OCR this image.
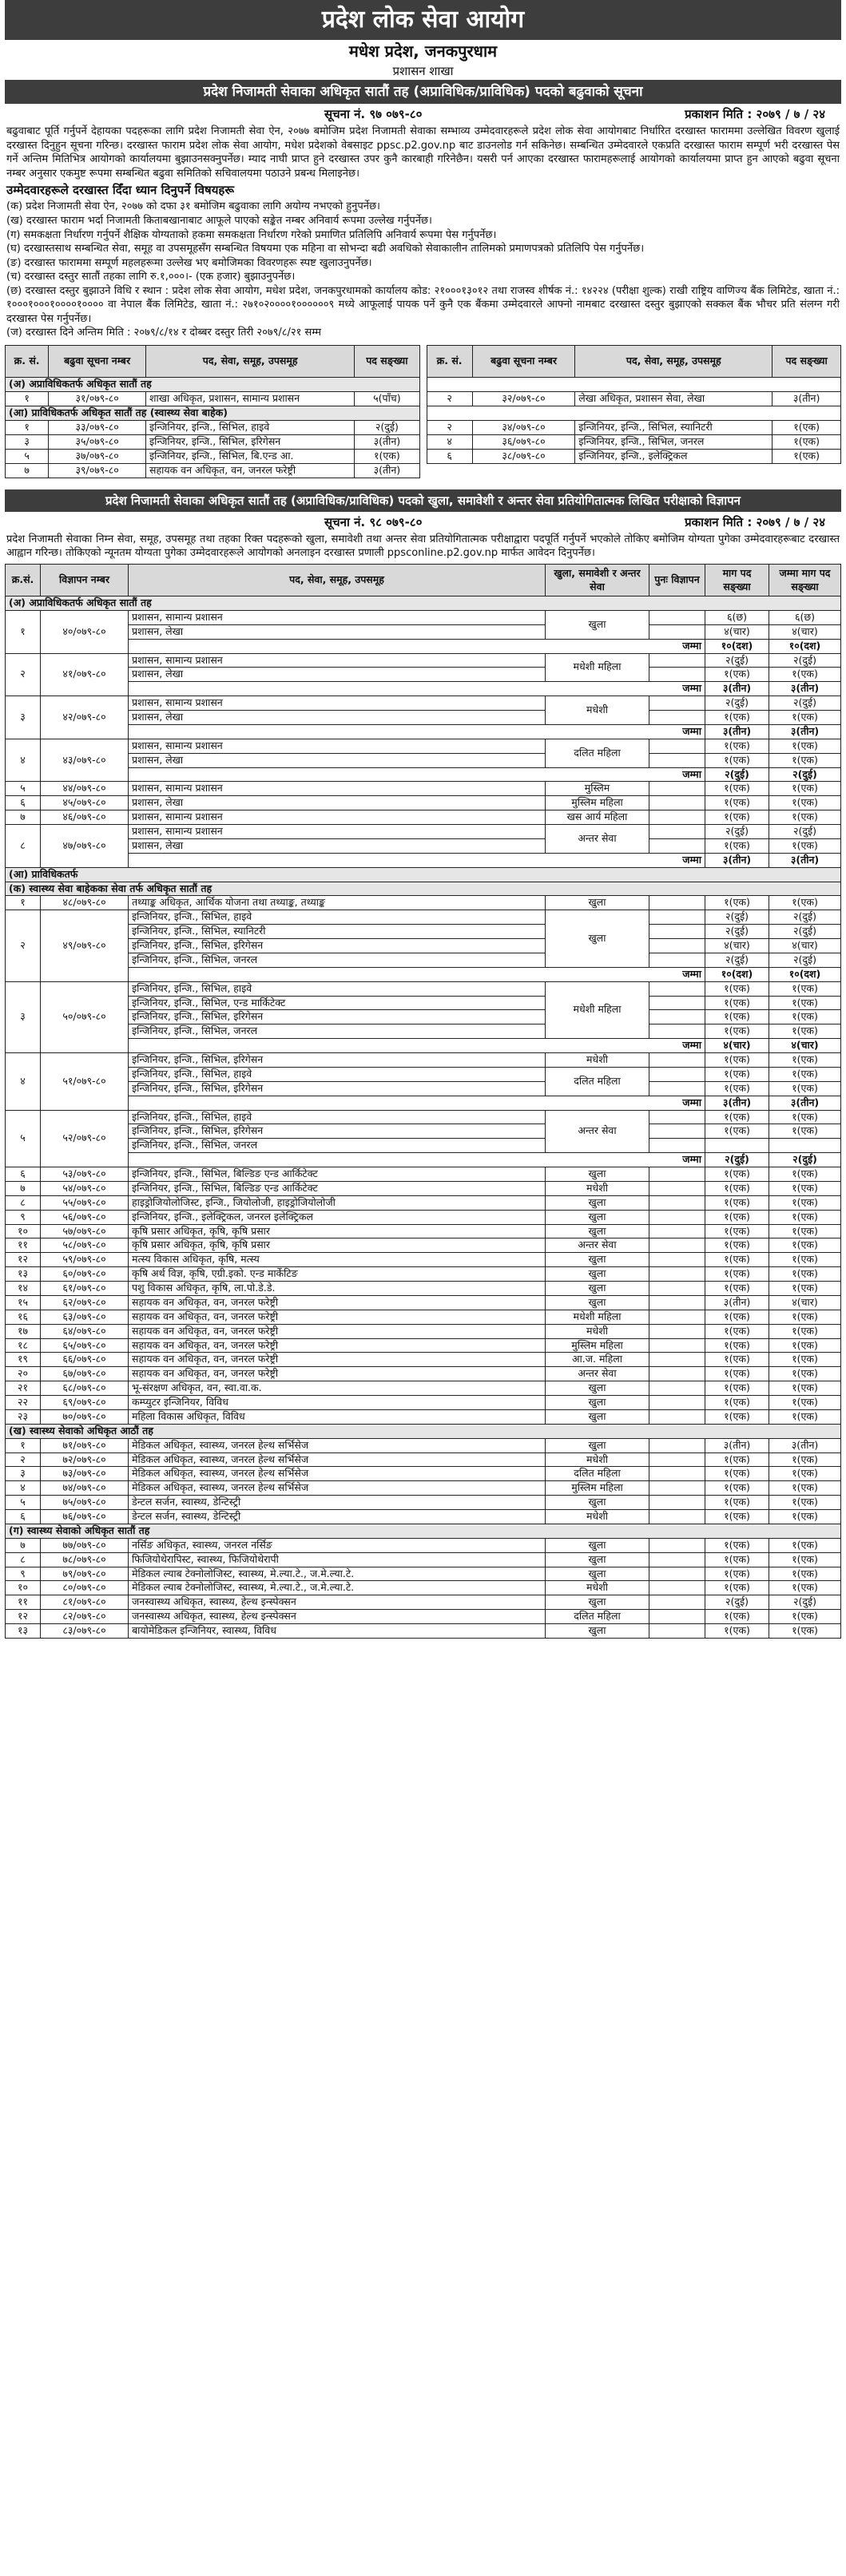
प्रदेश लोक सेवा आयोग
मधेश प्रदेश, जनकपुरधाम
प्रशासन शाखा
प्रदेश निजामती सेवाका अधिकृत सातौं तह (अप्राविधिक/प्राविधिक) पदको बढुवाको सूचना
सूचना नं. ९७ ०७९-८०	प्रकाशन मिति : २०७९ / ७ / २४

बढुवाबाट पूर्ति गर्नुपर्ने देहायका पदहरूका लागि प्रदेश निजामती सेवा ऐन, २०७७ बमोजिम प्रदेश निजामती सेवाका सम्भाव्य उम्मेदवारहरूले प्रदेश लोक सेवा आयोगबाट निर्धारित दरखास्त फाराममा उल्लेखित विवरण खुलाई दरखास्त दिनुहुन सूचना गरिन्छ। दरखास्त फाराम प्रदेश लोक सेवा आयोग, मधेश प्रदेशको वेबसाइट ppsc.p2.gov.np बाट डाउनलोड गर्न सकिनेछ। सम्बन्धित उम्मेदवारले एकप्रति दरखास्त फाराम सम्पूर्ण भरी दरखास्त पेस गर्ने अन्तिम मितिभित्र आयोगको कार्यालयमा बुझाउनसक्नुपर्नेछ। म्याद नाघी प्राप्त हुने दरखास्त उपर कुनै कारबाही गरिनेछैन। यसरी पर्न आएका दरखास्त फारामहरूलाई आयोगको कार्यालयमा प्राप्त हुन आएको बढुवा सूचना नम्बर अनुसार एकमुष्ट रूपमा सम्बन्धित बढुवा समितिको सचिवालयमा पठाउने प्रबन्ध मिलाइनेछ।

उम्मेदवारहरूले दरखास्त दिँदा ध्यान दिनुपर्ने विषयहरू
(क) प्रदेश निजामती सेवा ऐन, २०७७ को दफा ३१ बमोजिम बढुवाका लागि अयोग्य नभएको हुनुपर्नेछ।
(ख) दरखास्त फाराम भर्दा निजामती किताबखानाबाट आफूले पाएको सङ्केत नम्बर अनिवार्य रूपमा उल्लेख गर्नुपर्नेछ।
(ग) समकक्षता निर्धारण गर्नुपर्ने शैक्षिक योग्यताको हकमा समकक्षता निर्धारण गरेको प्रमाणित प्रतिलिपि अनिवार्य रूपमा पेस गर्नुपर्नेछ।
(घ) दरखास्तसाथ सम्बन्धित सेवा, समूह वा उपसमूहसँग सम्बन्धित विषयमा एक महिना वा सोभन्दा बढी अवधिको सेवाकालीन तालिमको प्रमाणपत्रको प्रतिलिपि पेस गर्नुपर्नेछ।
(ङ) दरखास्त फाराममा सम्पूर्ण महलहरूमा उल्लेख भए बमोजिमका विवरणहरू स्पष्ट खुलाउनुपर्नेछ।
(च) दरखास्त दस्तुर सातौं तहका लागि रु.१,०००।- (एक हजार) बुझाउनुपर्नेछ।
(छ) दरखास्त दस्तुर बुझाउने विधि र स्थान : प्रदेश लोक सेवा आयोग, मधेश प्रदेश, जनकपुरधामको कार्यालय कोड: २१०००१३०१२ तथा राजस्व शीर्षक नं.: १४२२४ (परीक्षा शुल्क) राखी राष्ट्रिय वाणिज्य बैंक लिमिटेड, खाता नं.: १०००१०००१००००१०००० वा नेपाल बैंक लिमिटेड, खाता नं.: २७१०२००००१००००००९ मध्ये आफूलाई पायक पर्ने कुनै एक बैंकमा उम्मेदवारले आफ्नो नामबाट दरखास्त दस्तुर बुझाएको सक्कल बैंक भौचर प्रति संलग्न गरी दरखास्त पेस गर्नुपर्नेछ।
(ज) दरखास्त दिने अन्तिम मिति : २०७९/८/१४ र दोब्बर दस्तुर तिरी २०७९/८/२१ सम्म
क्र. सं.	बढुवा सूचना नम्बर	पद, सेवा, समूह, उपसमूह	पद सङ्ख्या
(अ) अप्राविधिकतर्फ अधिकृत सातौं तह			
१	३१/०७९-८०	शाखा अधिकृत, प्रशासन, सामान्य प्रशासन	५(पाँच)
(आ) प्राविधिकतर्फ अधिकृत सातौं तह (स्वास्थ्य सेवा बाहेक)			
१	३३/०७९-८०	इन्जिनियर, इन्जि., सिभिल, हाइवे	२(दुई)
३	३५/०७९-८०	इन्जिनियर, इन्जि., सिभिल, इरिगेसन	३(तीन)
५	३७/०७९-८०	इन्जिनियर, इन्जि., सिभिल, बि.एन्ड आ.	१(एक)
७	३९/०७९-८०	सहायक वन अधिकृत, वन, जनरल फरेष्ट्री	३(तीन)
क्र. सं.	बढुवा सूचना नम्बर	पद, सेवा, समूह, उपसमूह	पद सङ्ख्या

२	३२/०७९-८०	लेखा अधिकृत, प्रशासन सेवा, लेखा	३(तीन)

२	३४/०७९-८०	इन्जिनियर, इन्जि., सिभिल, स्यानिटरी	१(एक)
४	३६/०७९-८०	इन्जिनियर, इन्जि., सिभिल, जनरल	१(एक)
६	३८/०७९-८०	इन्जिनियर, इन्जि., इलेक्ट्रिकल	१(एक)
प्रदेश निजामती सेवाका अधिकृत सातौं तह (अप्राविधिक/प्राविधिक) पदको खुला, समावेशी र अन्तर सेवा प्रतियोगितात्मक लिखित परीक्षाको विज्ञापन
सूचना नं. ९८ ०७९-८०	प्रकाशन मिति : २०७९ / ७ / २४

प्रदेश निजामती सेवाका निम्न सेवा, समूह, उपसमूह तथा तहका रिक्त पदहरूको खुला, समावेशी तथा अन्तर सेवा प्रतियोगितात्मक परीक्षाद्वारा पदपूर्ति गर्नुपर्ने भएकोले तोकिए बमोजिम योग्यता पुगेका उम्मेदवारहरूबाट दरखास्त आह्वान गरिन्छ। तोकिएको न्यूनतम योग्यता पुगेका उम्मेदवारहरूले आयोगको अनलाइन दरखास्त प्रणाली ppsconline.p2.gov.np मार्फत आवेदन दिनुपर्नेछ।

क्र.सं.	विज्ञापन नम्बर	पद, सेवा, समूह, उपसमूह	खुला, समावेशी र अन्तर सेवा	पुनः विज्ञापन	माग पद सङ्ख्या	जम्मा माग पद सङ्ख्या
(अ) अप्राविधिकतर्फ अधिकृत सातौं तह						
१	४०/०७९-८०	प्रशासन, सामान्य प्रशासन	खुला		६(छ)	६(छ)
		प्रशासन, लेखा			४(चार)	४(चार)
		जम्मा			१०(दश)	१०(दश)
२	४१/०७९-८०	प्रशासन, सामान्य प्रशासन	मधेशी महिला		२(दुई)	२(दुई)
		प्रशासन, लेखा			१(एक)	१(एक)
		जम्मा			३(तीन)	३(तीन)
३	४२/०७९-८०	प्रशासन, सामान्य प्रशासन	मधेशी		२(दुई)	२(दुई)
		प्रशासन, लेखा			१(एक)	१(एक)
		जम्मा			३(तीन)	३(तीन)
४	४३/०७९-८०	प्रशासन, सामान्य प्रशासन	दलित महिला		१(एक)	१(एक)
		प्रशासन, लेखा			१(एक)	१(एक)
		जम्मा			२(दुई)	२(दुई)
५	४४/०७९-८०	प्रशासन, सामान्य प्रशासन	मुस्लिम		१(एक)	१(एक)
६	४५/०७९-८०	प्रशासन, लेखा	मुस्लिम महिला		१(एक)	१(एक)
७	४६/०७९-८०	प्रशासन, सामान्य प्रशासन	खस आर्य महिला		१(एक)	१(एक)
८	४७/०७९-८०	प्रशासन, सामान्य प्रशासन	अन्तर सेवा		२(दुई)	२(दुई)
		प्रशासन, लेखा			१(एक)	१(एक)
		जम्मा			३(तीन)	३(तीन)
(आ) प्राविधिकतर्फ						
(क) स्वास्थ्य सेवा बाहेकका सेवा तर्फ अधिकृत सातौं तह						
१	४८/०७९-८०	तथ्याङ्क अधिकृत, आर्थिक योजना तथा तथ्याङ्क, तथ्याङ्क	खुला		१(एक)	१(एक)
२	४९/०७९-८०	इन्जिनियर, इन्जि., सिभिल, हाइवे	खुला		२(दुई)	२(दुई)
		इन्जिनियर, इन्जि., सिभिल, स्यानिटरी			२(दुई)	२(दुई)
		इन्जिनियर, इन्जि., सिभिल, इरिगेसन			४(चार)	४(चार)
		इन्जिनियर, इन्जि., सिभिल, जनरल			२(दुई)	२(दुई)
		जम्मा			१०(दश)	१०(दश)
३	५०/०७९-८०	इन्जिनियर, इन्जि., सिभिल, हाइवे	मधेशी महिला		१(एक)	१(एक)
		इन्जिनियर, इन्जि., सिभिल, एन्ड मार्किटेक्ट			१(एक)	१(एक)
		इन्जिनियर, इन्जि., सिभिल, इरिगेसन			१(एक)	१(एक)
		इन्जिनियर, इन्जि., सिभिल, जनरल			१(एक)	१(एक)
		जम्मा			४(चार)	४(चार)
४	५१/०७९-८०	इन्जिनियर, इन्जि., सिभिल, इरिगेसन	मधेशी		१(एक)	१(एक)
		इन्जिनियर, इन्जि., सिभिल, हाइवे	दलित महिला		१(एक)	१(एक)
		इन्जिनियर, इन्जि., सिभिल, इरिगेसन			१(एक)	१(एक)
		जम्मा			३(तीन)	३(तीन)
५	५२/०७९-८०	इन्जिनियर, इन्जि., सिभिल, हाइवे	अन्तर सेवा		१(एक)	१(एक)
		इन्जिनियर, इन्जि., सिभिल, इरिगेसन			१(एक)	१(एक)
		इन्जिनियर, इन्जि., सिभिल, जनरल				
		जम्मा			२(दुई)	२(दुई)
६	५३/०७९-८०	इन्जिनियर, इन्जि., सिभिल, बिल्डिङ एन्ड आर्किटेक्ट	खुला		१(एक)	१(एक)
७	५४/०७९-८०	इन्जिनियर, इन्जि., सिभिल, बिल्डिङ एन्ड आर्किटेक्ट	मधेशी		१(एक)	१(एक)
८	५५/०७९-८०	हाइड्रोजियोलोजिस्ट, इन्जि., जियोलोजी, हाइड्रोजियोलोजी	खुला		१(एक)	१(एक)
९	५६/०७९-८०	इन्जिनियर, इन्जि., इलेक्ट्रिकल, जनरल इलेक्ट्रिकल	खुला		१(एक)	१(एक)
१०	५७/०७९-८०	कृषि प्रसार अधिकृत, कृषि, कृषि प्रसार	खुला		१(एक)	१(एक)
११	५८/०७९-८०	कृषि प्रसार अधिकृत, कृषि, कृषि प्रसार	अन्तर सेवा		१(एक)	१(एक)
१२	५९/०७९-८०	मत्स्य विकास अधिकृत, कृषि, मत्स्य	खुला		१(एक)	१(एक)
१३	६०/०७९-८०	कृषि अर्थ विज्ञ, कृषि, एग्री.इको. एन्ड मार्केटिङ	खुला		१(एक)	१(एक)
१४	६१/०७९-८०	पशु विकास अधिकृत, कृषि, ला.पो.डे.डे.	खुला		१(एक)	१(एक)
१५	६२/०७९-८०	सहायक वन अधिकृत, वन, जनरल फरेष्ट्री	खुला		३(तीन)	४(चार)
१६	६३/०७९-८०	सहायक वन अधिकृत, वन, जनरल फरेष्ट्री	मधेशी महिला		१(एक)	१(एक)
१७	६४/०७९-८०	सहायक वन अधिकृत, वन, जनरल फरेष्ट्री	मधेशी		१(एक)	१(एक)
१८	६५/०७९-८०	सहायक वन अधिकृत, वन, जनरल फरेष्ट्री	मुस्लिम महिला		१(एक)	१(एक)
१९	६६/०७९-८०	सहायक वन अधिकृत, वन, जनरल फरेष्ट्री	आ.ज. महिला		१(एक)	१(एक)
२०	६७/०७९-८०	सहायक वन अधिकृत, वन, जनरल फरेष्ट्री	अन्तर सेवा		१(एक)	१(एक)
२१	६८/०७९-८०	भू-संरक्षण अधिकृत, वन, स्वा.वा.क.	खुला		१(एक)	१(एक)
२२	६९/०७९-८०	कम्प्युटर इन्जिनियर, विविध	खुला		१(एक)	१(एक)
२३	७०/०७९-८०	महिला विकास अधिकृत, विविध	खुला		१(एक)	१(एक)
(ख) स्वास्थ्य सेवाको अधिकृत आठौं तह						
१	७१/०७९-८०	मेडिकल अधिकृत, स्वास्थ्य, जनरल हेल्थ सर्भिसेज	खुला		३(तीन)	३(तीन)
२	७२/०७९-८०	मेडिकल अधिकृत, स्वास्थ्य, जनरल हेल्थ सर्भिसेज	मधेशी		१(एक)	१(एक)
३	७३/०७९-८०	मेडिकल अधिकृत, स्वास्थ्य, जनरल हेल्थ सर्भिसेज	दलित महिला		१(एक)	१(एक)
४	७४/०७९-८०	मेडिकल अधिकृत, स्वास्थ्य, जनरल हेल्थ सर्भिसेज	मुस्लिम महिला		१(एक)	१(एक)
५	७५/०७९-८०	डेन्टल सर्जन, स्वास्थ्य, डेन्टिस्ट्री	खुला		१(एक)	१(एक)
६	७६/०७९-८०	डेन्टल सर्जन, स्वास्थ्य, डेन्टिस्ट्री	मधेशी		१(एक)	१(एक)
(ग) स्वास्थ्य सेवाको अधिकृत सातौं तह						
७	७७/०७९-८०	नर्सिङ अधिकृत, स्वास्थ्य, जनरल नर्सिङ	खुला		१(एक)	१(एक)
८	७८/०७९-८०	फिजियोथेरापिस्ट, स्वास्थ्य, फिजियोथेरापी	खुला		१(एक)	१(एक)
९	७९/०७९-८०	मेडिकल ल्याब टेक्नोलोजिस्ट, स्वास्थ्य, मे.ल्या.टे., ज.मे.ल्या.टे.	खुला		१(एक)	१(एक)
१०	८०/०७९-८०	मेडिकल ल्याब टेक्नोलोजिस्ट, स्वास्थ्य, मे.ल्या.टे., ज.मे.ल्या.टे.	मधेशी		१(एक)	१(एक)
११	८१/०७९-८०	जनस्वास्थ्य अधिकृत, स्वास्थ्य, हेल्थ इन्स्पेक्सन	खुला		२(दुई)	२(दुई)
१२	८२/०७९-८०	जनस्वास्थ्य अधिकृत, स्वास्थ्य, हेल्थ इन्स्पेक्सन	दलित महिला		१(एक)	१(एक)
१३	८३/०७९-८०	बायोमेडिकल इन्जिनियर, स्वास्थ्य, विविध	खुला		१(एक)	१(एक)
